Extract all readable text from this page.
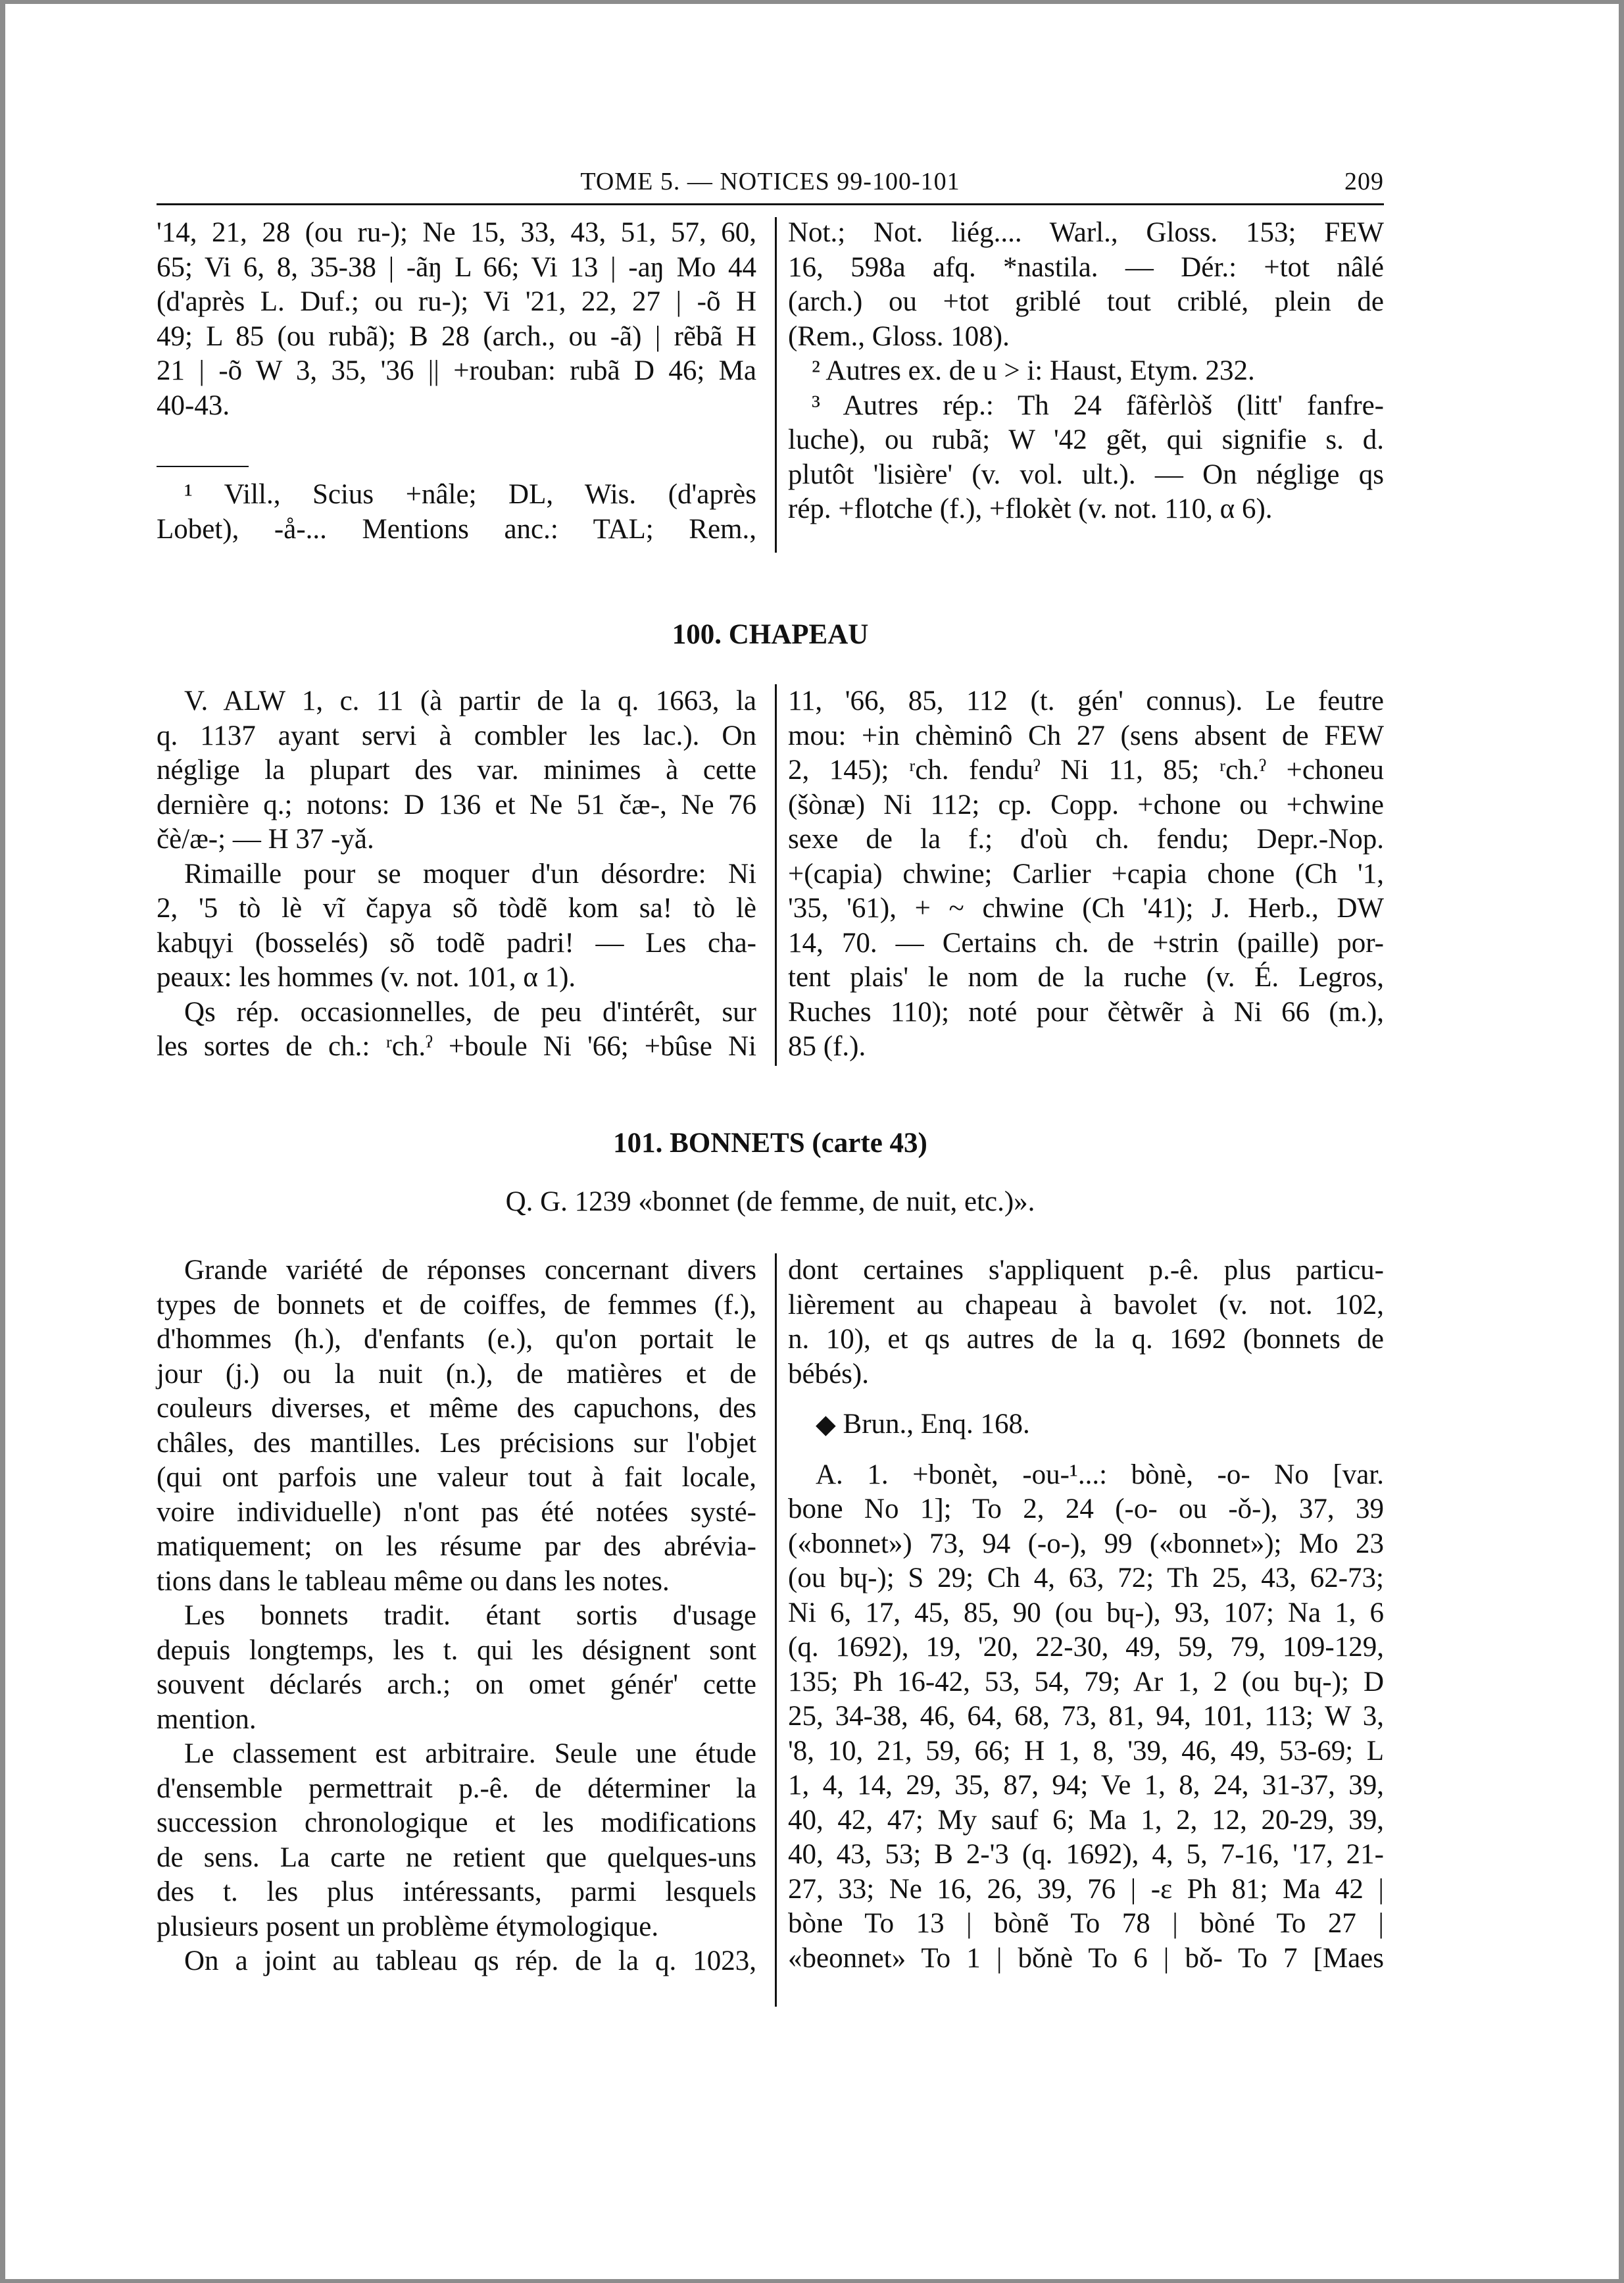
TOME 5. — NOTICES 99-100-101	209
'14, 21, 28 (ou ru-); Ne 15, 33, 43, 51, 57, 60,
65; Vi 6, 8, 35-38 | -ãŋ L 66; Vi 13 | -aŋ Mo 44
(d'après L. Duf.; ou ru-); Vi '21, 22, 27 | -õ H
49; L 85 (ou rubã); B 28 (arch., ou -ã) | rẽbã H
21 | -õ W 3, 35, '36 || +rouban: rubã D 46; Ma
40-43.
¹ Vill., Scius +nâle; DL, Wis. (d'après
Lobet), -å-... Mentions anc.: TAL; Rem.,
Not.; Not. liég.... Warl., Gloss. 153; FEW
16, 598a afq. *nastila. — Dér.: +tot nâlé
(arch.) ou +tot griblé tout criblé, plein de
(Rem., Gloss. 108).
² Autres ex. de u > i: Haust, Etym. 232.
³ Autres rép.: Th 24 fãfèrlòš (litt' fanfre-
luche), ou rubã; W '42 gẽt, qui signifie s. d.
plutôt 'lisière' (v. vol. ult.). — On néglige qs
rép. +flotche (f.), +flokèt (v. not. 110, α 6).
100. CHAPEAU
V. ALW 1, c. 11 (à partir de la q. 1663, la
q. 1137 ayant servi à combler les lac.). On
néglige la plupart des var. minimes à cette
dernière q.; notons: D 136 et Ne 51 čæ-, Ne 76
čè/æ-; — H 37 -yǎ.
Rimaille pour se moquer d'un désordre: Ni
2, '5 tò lè vĩ čapya sõ tòdẽ kom sa! tò lè
kabɥyi (bosselés) sõ todẽ padri! — Les cha-
peaux: les hommes (v. not. 101, α 1).
Qs rép. occasionnelles, de peu d'intérêt, sur
les sortes de ch.: ʳch.ˀ +boule Ni '66; +bûse Ni
11, '66, 85, 112 (t. gén' connus). Le feutre
mou: +in chèminô Ch 27 (sens absent de FEW
2, 145); ʳch. fenduˀ Ni 11, 85; ʳch.ˀ +choneu
(šònæ) Ni 112; cp. Copp. +chone ou +chwine
sexe de la f.; d'où ch. fendu; Depr.-Nop.
+(capia) chwine; Carlier +capia chone (Ch '1,
'35, '61), + ~ chwine (Ch '41); J. Herb., DW
14, 70. — Certains ch. de +strin (paille) por-
tent plais' le nom de la ruche (v. É. Legros,
Ruches 110); noté pour čètwẽr à Ni 66 (m.),
85 (f.).
101. BONNETS (carte 43)
Q. G. 1239 «bonnet (de femme, de nuit, etc.)».
Grande variété de réponses concernant divers
types de bonnets et de coiffes, de femmes (f.),
d'hommes (h.), d'enfants (e.), qu'on portait le
jour (j.) ou la nuit (n.), de matières et de
couleurs diverses, et même des capuchons, des
châles, des mantilles. Les précisions sur l'objet
(qui ont parfois une valeur tout à fait locale,
voire individuelle) n'ont pas été notées systé-
matiquement; on les résume par des abrévia-
tions dans le tableau même ou dans les notes.
Les bonnets tradit. étant sortis d'usage
depuis longtemps, les t. qui les désignent sont
souvent déclarés arch.; on omet génér' cette
mention.
Le classement est arbitraire. Seule une étude
d'ensemble permettrait p.-ê. de déterminer la
succession chronologique et les modifications
de sens. La carte ne retient que quelques-uns
des t. les plus intéressants, parmi lesquels
plusieurs posent un problème étymologique.
On a joint au tableau qs rép. de la q. 1023,
dont certaines s'appliquent p.-ê. plus particu-
lièrement au chapeau à bavolet (v. not. 102,
n. 10), et qs autres de la q. 1692 (bonnets de
bébés).
◆ Brun., Enq. 168.
A. 1. +bonèt, -ou-¹...: bònè, -o- No [var.
bone No 1]; To 2, 24 (-o- ou -ǒ-), 37, 39
(«bonnet») 73, 94 (-o-), 99 («bonnet»); Mo 23
(ou bɥ-); S 29; Ch 4, 63, 72; Th 25, 43, 62-73;
Ni 6, 17, 45, 85, 90 (ou bɥ-), 93, 107; Na 1, 6
(q. 1692), 19, '20, 22-30, 49, 59, 79, 109-129,
135; Ph 16-42, 53, 54, 79; Ar 1, 2 (ou bɥ-); D
25, 34-38, 46, 64, 68, 73, 81, 94, 101, 113; W 3,
'8, 10, 21, 59, 66; H 1, 8, '39, 46, 49, 53-69; L
1, 4, 14, 29, 35, 87, 94; Ve 1, 8, 24, 31-37, 39,
40, 42, 47; My sauf 6; Ma 1, 2, 12, 20-29, 39,
40, 43, 53; B 2-'3 (q. 1692), 4, 5, 7-16, '17, 21-
27, 33; Ne 16, 26, 39, 76 | -ɛ Ph 81; Ma 42 |
bòne To 13 | bònẽ To 78 | bòné To 27 |
«beonnet» To 1 | bǒnè To 6 | bǒ- To 7 [Maes
